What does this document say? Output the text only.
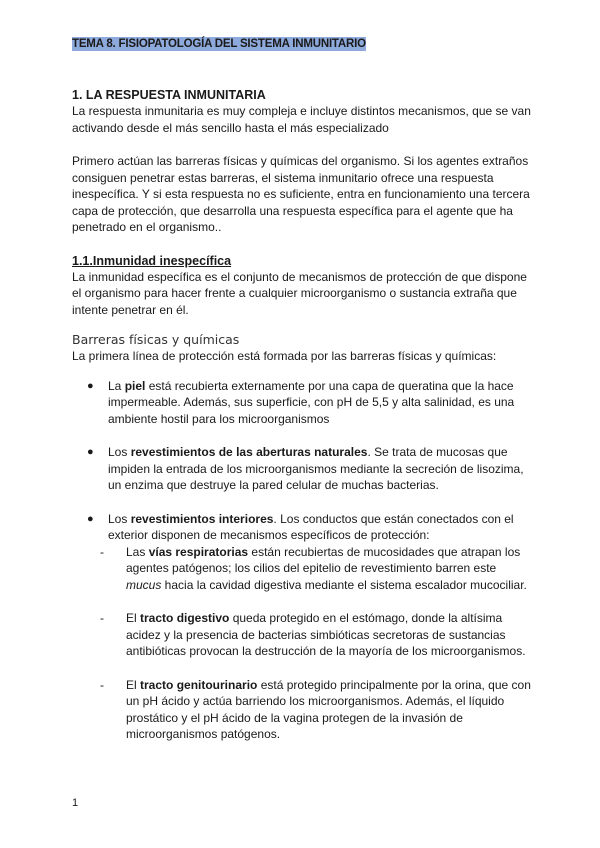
TEMA 8. FISIOPATOLOGÍA DEL SISTEMA INMUNITARIO
1. LA RESPUESTA INMUNITARIA

La respuesta inmunitaria es muy compleja e incluye distintos mecanismos, que se van activando desde el más sencillo hasta el más especializado

Primero actúan las barreras físicas y químicas del organismo. Si los agentes extraños consiguen penetrar estas barreras, el sistema inmunitario ofrece una respuesta inespecífica. Y si esta respuesta no es suficiente, entra en funcionamiento una tercera capa de protección, que desarrolla una respuesta específica para el agente que ha penetrado en el organismo..

1.1.Inmunidad inespecífica

La inmunidad específica es el conjunto de mecanismos de protección de que dispone el organismo para hacer frente a cualquier microorganismo o sustancia extraña que intente penetrar en él.

Barreras físicas y químicas

La primera línea de protección está formada por las barreras físicas y químicas:

● La piel está recubierta externamente por una capa de queratina que la hace impermeable. Además, sus superficie, con pH de 5,5 y alta salinidad, es una ambiente hostil para los microorganismos
● Los revestimientos de las aberturas naturales. Se trata de mucosas que impiden la entrada de los microorganismos mediante la secreción de lisozima, un enzima que destruye la pared celular de muchas bacterias.
● Los revestimientos interiores. Los conductos que están conectados con el exterior disponen de mecanismos específicos de protección:
- Las vías respiratorias están recubiertas de mucosidades que atrapan los agentes patógenos; los cilios del epitelio de revestimiento barren este mucus hacia la cavidad digestiva mediante el sistema escalador mucociliar.
- El tracto digestivo queda protegido en el estómago, donde la altísima acidez y la presencia de bacterias simbióticas secretoras de sustancias antibióticas provocan la destrucción de la mayoría de los microorganismos.
- El tracto genitourinario está protegido principalmente por la orina, que con un pH ácido y actúa barriendo los microorganismos. Además, el líquido prostático y el pH ácido de la vagina protegen de la invasión de microorganismos patógenos.
1
